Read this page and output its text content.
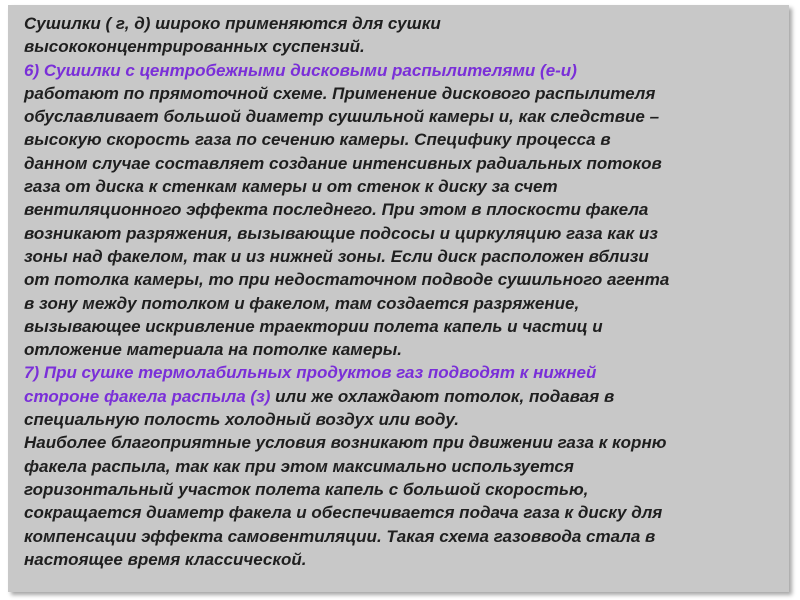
Сушилки ( г, д) широко применяются для сушки
высококонцентрированных суспензий.
6) Сушилки с центробежными дисковыми распылителями (е-и)
работают по прямоточной схеме. Применение дискового распылителя
обуславливает большой диаметр сушильной камеры и, как следствие –
высокую скорость газа по сечению камеры. Специфику процесса в
данном случае составляет создание интенсивных радиальных потоков
газа от диска к стенкам камеры и от стенок к диску за счет
вентиляционного эффекта последнего. При этом в плоскости факела
возникают разряжения, вызывающие подсосы и циркуляцию газа как из
зоны над факелом, так и из нижней зоны. Если диск расположен вблизи
от потолка камеры, то при недостаточном подводе сушильного агента
в зону между потолком и факелом, там создается разряжение,
вызывающее искривление траектории полета капель и частиц и
отложение материала на потолке камеры.
7) При сушке термолабильных продуктов газ подводят к нижней
стороне факела распыла (з) или же охлаждают потолок, подавая в
специальную полость холодный воздух или воду.
Наиболее благоприятные условия возникают при движении газа к корню
факела распыла, так как при этом максимально используется
горизонтальный участок полета капель с большой скоростью,
сокращается диаметр факела и обеспечивается подача газа к диску для
компенсации эффекта самовентиляции. Такая схема газоввода стала в
настоящее время классической.
